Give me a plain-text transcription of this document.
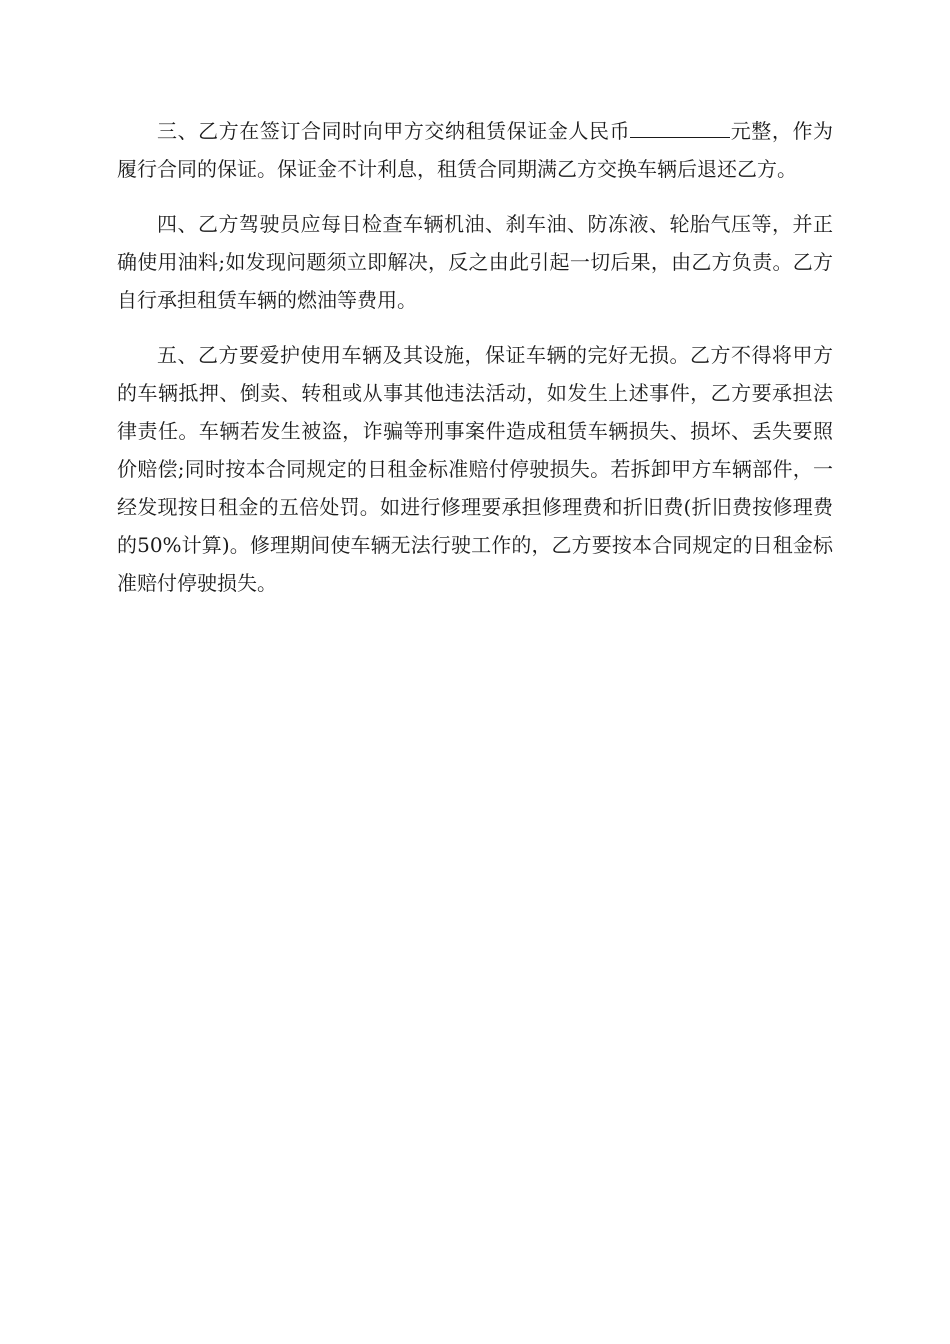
三、乙方在签订合同时向甲方交纳租赁保证金人民币	元整，作为履行合同的保证。保证金不计利息，租赁合同期满乙方交换车辆后退还乙方。

四、乙方驾驶员应每日检查车辆机油、刹车油、防冻液、轮胎气压等，并正确使用油料;如发现问题须立即解决，反之由此引起一切后果，由乙方负责。乙方自行承担租赁车辆的燃油等费用。

五、乙方要爱护使用车辆及其设施，保证车辆的完好无损。乙方不得将甲方的车辆抵押、倒卖、转租或从事其他违法活动，如发生上述事件，乙方要承担法律责任。车辆若发生被盗，诈骗等刑事案件造成租赁车辆损失、损坏、丢失要照价赔偿;同时按本合同规定的日租金标准赔付停驶损失。若拆卸甲方车辆部件，一经发现按日租金的五倍处罚。如进行修理要承担修理费和折旧费(折旧费按修理费的50%计算)。修理期间使车辆无法行驶工作的，乙方要按本合同规定的日租金标准赔付停驶损失。
